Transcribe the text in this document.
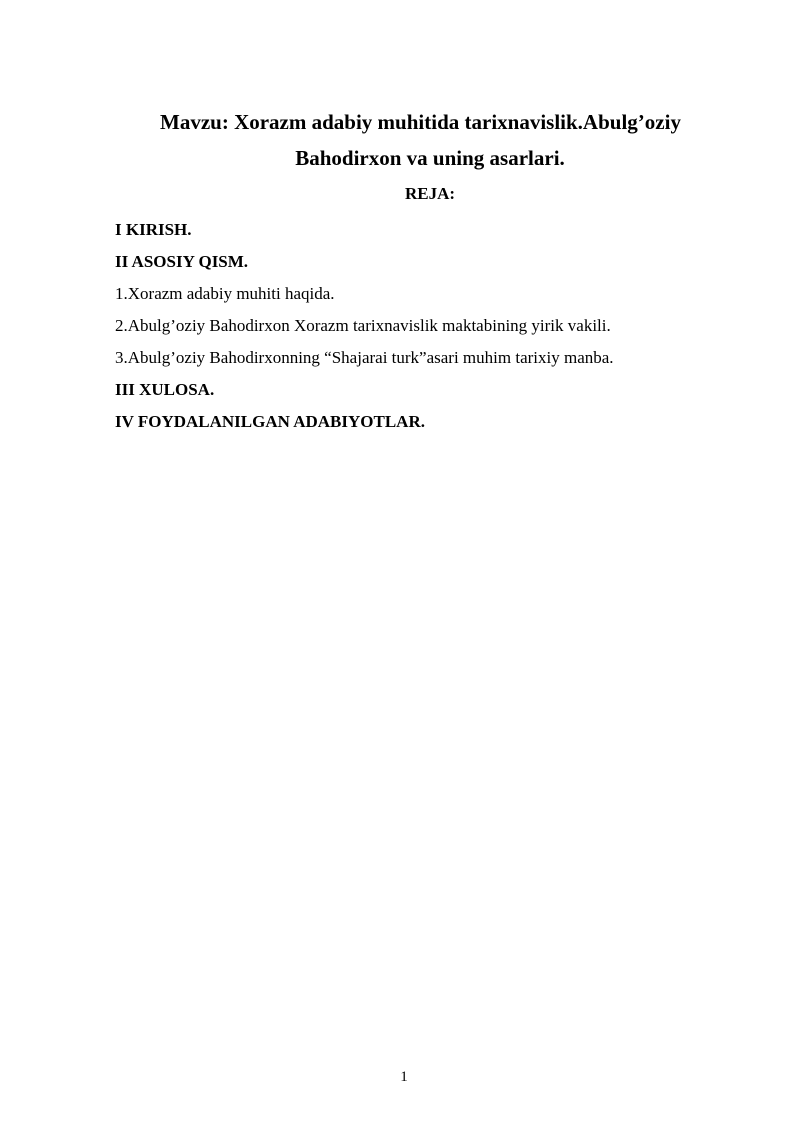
Mavzu: Xorazm adabiy muhitida tarixnavislik.Abulg’oziy
Bahodirxon va uning asarlari.
REJA:
I KIRISH.
II ASOSIY QISM.
1.Xorazm adabiy muhiti haqida.
2.Abulg’oziy Bahodirxon Xorazm tarixnavislik maktabining yirik vakili.
3.Abulg’oziy Bahodirxonning “Shajarai turk”asari muhim tarixiy manba.
III XULOSA.
IV FOYDALANILGAN ADABIYOTLAR.
1
